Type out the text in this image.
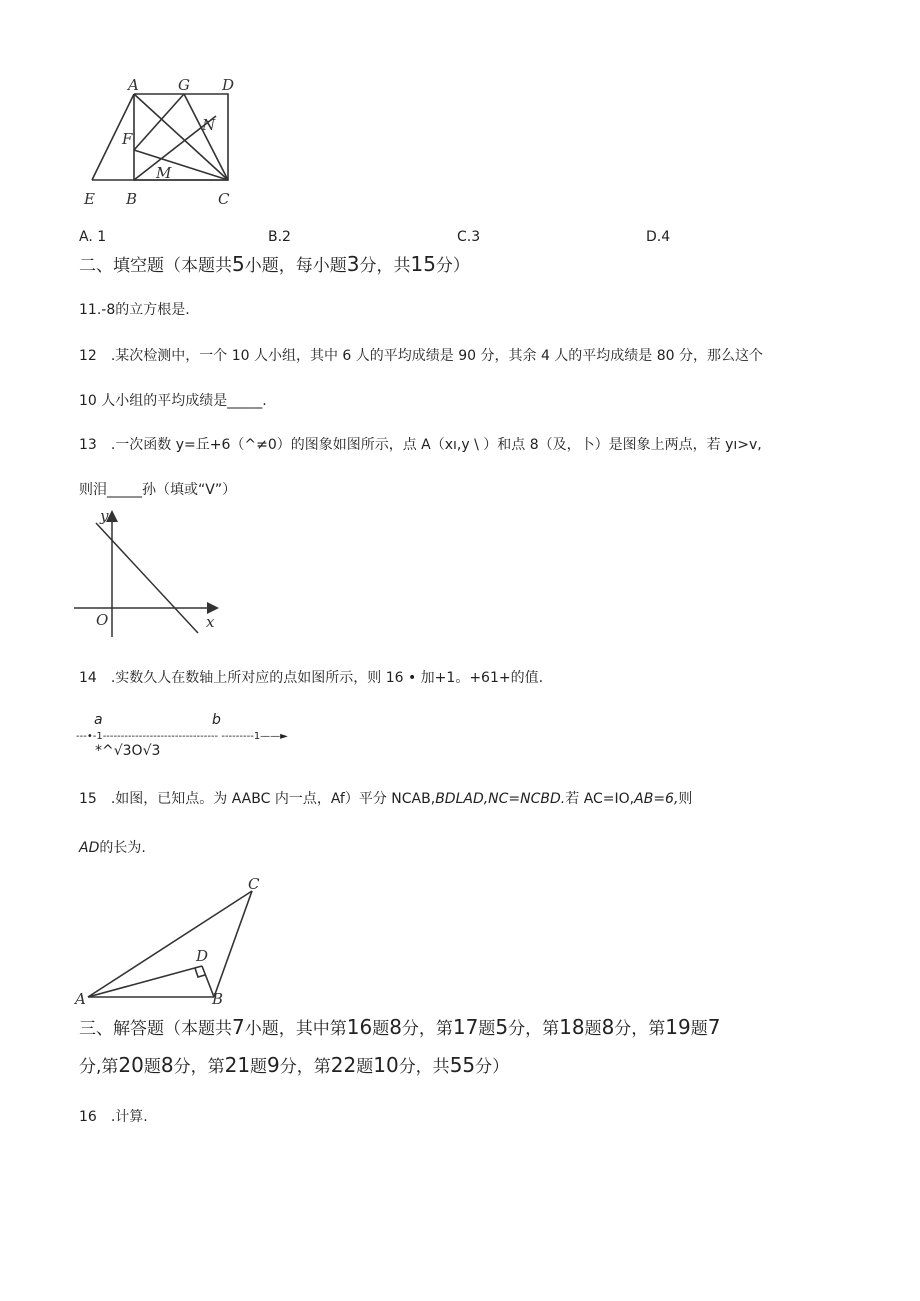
A	G D
F
N
M
E B	C
A. 1	B.2	C.3	D.4
二、填空题（本题共5小题，每小题3分，共15分）
11.-8的立方根是.
12　.某次检测中，一个 10 人小组，其中 6 人的平均成绩是 90 分，其余 4 人的平均成绩是 80 分，那么这个
10 人小组的平均成绩是_____.
13　.一次函数 y=丘+6（^≠0）的图象如图所示，点 A（xı,y \ ）和点 8（及，卜）是图象上两点，若 yı>v,
则泪_____孙（填或“V”）
y
x
O
14　.实数久人在数轴上所对应的点如图所示，则 16 • 加+1。+61+的值.
a	b
---•-1-------------------------------- ---------1——►
*^√3O√3
15　.如图，已知点。为 AABC 内一点，Af）平分 NCAB,BDLAD,NC=NCBD.若 AC=IO,AB=6,则
AD的长为.
C
D
A	B
三、解答题（本题共7小题，其中第16题8分，第17题5分，第18题8分，第19题7
分,第20题8分，第21题9分，第22题10分，共55分）
16　.计算.
